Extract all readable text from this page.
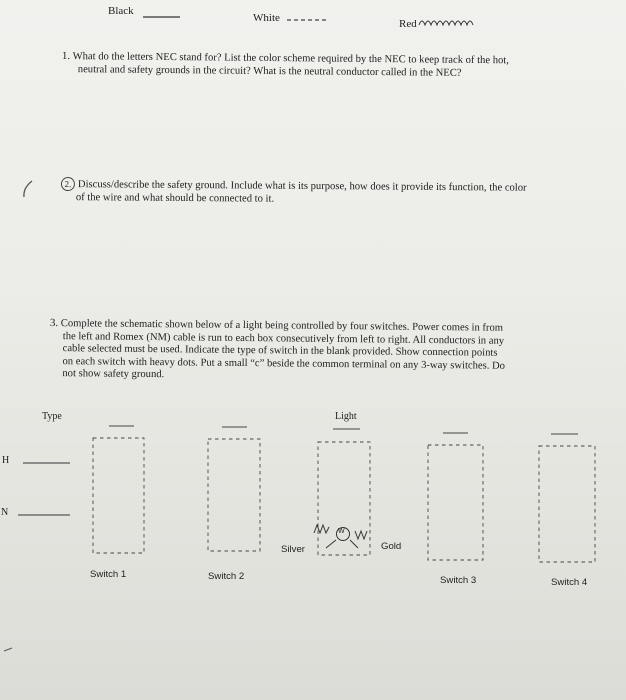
Black
White	Red
1. What do the letters NEC stand for? List the color scheme required by the NEC to keep track of the hot,
neutral and safety grounds in the circuit? What is the neutral conductor called in the NEC?
2. Discuss/describe the safety ground. Include what is its purpose, how does it provide its function, the color
of the wire and what should be connected to it.
3. Complete the schematic shown below of a light being controlled by four switches. Power comes in from
the left and Romex (NM) cable is run to each box consecutively from left to right. All conductors in any
cable selected must be used. Indicate the type of switch in the blank provided. Show connection points
on each switch with heavy dots. Put a small “c” beside the common terminal on any 3-way switches. Do
not show safety ground.
Type	Light
H
N
Silver	Gold
W
Switch 1	Switch 2	Switch 3	Switch 4
